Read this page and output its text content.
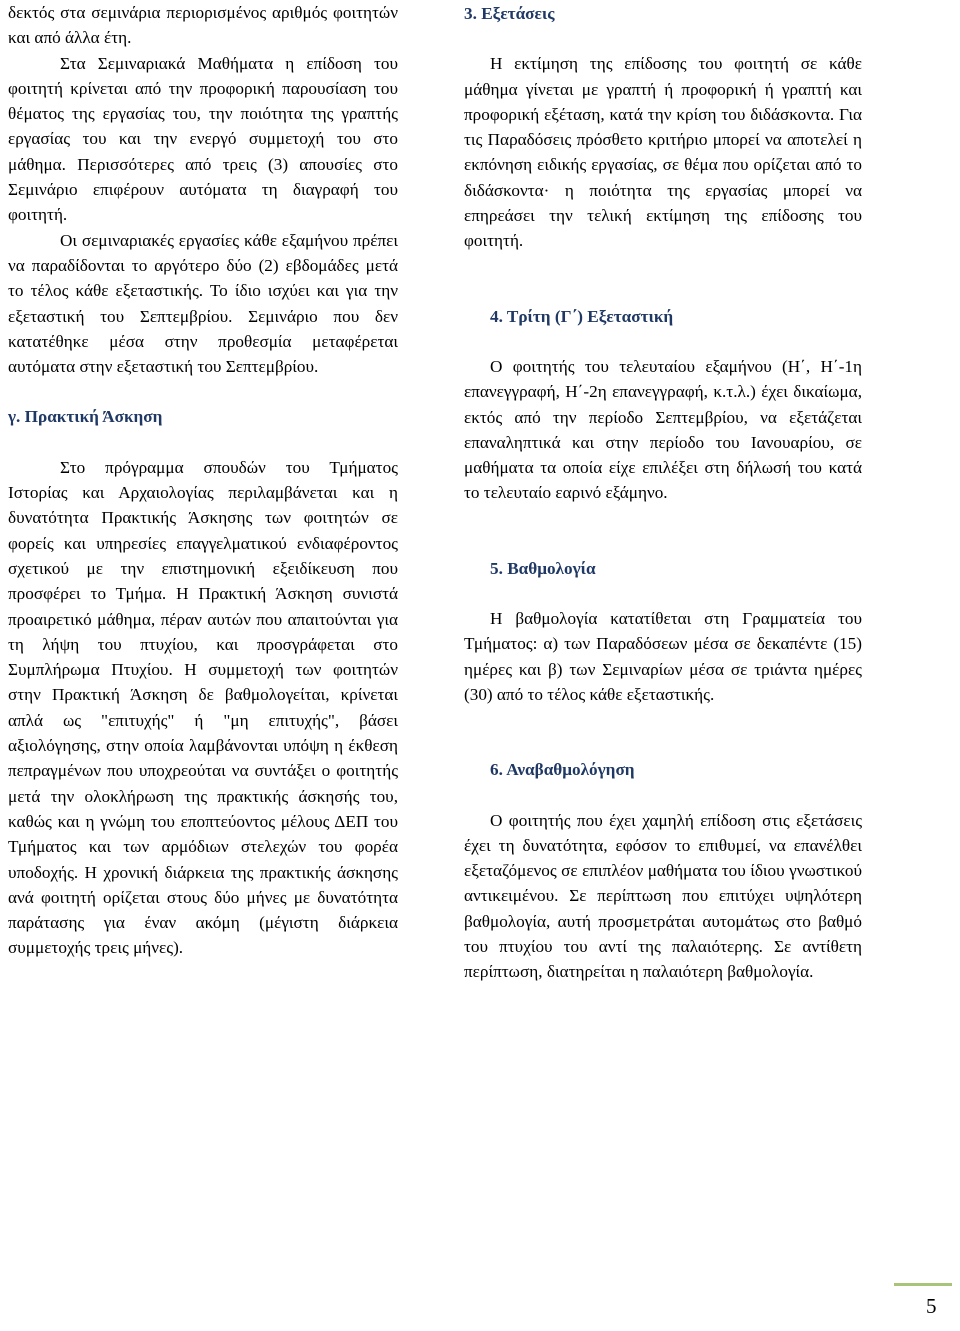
δεκτός στα σεμινάρια περιορισμένος αριθμός φοιτητών και από άλλα έτη.

Στα Σεμιναριακά Μαθήματα η επίδοση του φοιτητή κρίνεται από την προφορική παρουσίαση του θέματος της εργασίας του, την ποιότητα της γραπτής εργασίας του και την ενεργό συμμετοχή του στο μάθημα. Περισσότερες από τρεις (3) απουσίες στο Σεμινάριο επιφέρουν αυτόματα τη διαγραφή του φοιτητή.

Οι σεμιναριακές εργασίες κάθε εξαμήνου πρέπει να παραδίδονται το αργότερο δύο (2) εβδομάδες μετά το τέλος κάθε εξεταστικής. Το ίδιο ισχύει και για την εξεταστική του Σεπτεμβρίου. Σεμινάριο που δεν κατατέθηκε μέσα στην προθεσμία μεταφέρεται αυτόματα στην εξεταστική του Σεπτεμβρίου.

γ. Πρακτική Άσκηση

Στο πρόγραμμα σπουδών του Τμήματος Ιστορίας και Αρχαιολογίας περιλαμβάνεται και η δυνατότητα Πρακτικής Άσκησης των φοιτητών σε φορείς και υπηρεσίες επαγγελματικού ενδιαφέροντος σχετικού με την επιστημονική εξειδίκευση που προσφέρει το Τμήμα. Η Πρακτική Άσκηση συνιστά προαιρετικό μάθημα, πέραν αυτών που απαιτούνται για τη λήψη του πτυχίου, και προσγράφεται στο Συμπλήρωμα Πτυχίου. Η συμμετοχή των φοιτητών στην Πρακτική Άσκηση δε βαθμολογείται, κρίνεται απλά ως "επιτυχής" ή "μη επιτυχής", βάσει αξιολόγησης, στην οποία λαμβάνονται υπόψη η έκθεση πεπραγμένων που υποχρεούται να συντάξει ο φοιτητής μετά την ολοκλήρωση της πρακτικής άσκησής του, καθώς και η γνώμη του εποπτεύοντος μέλους ΔΕΠ του Τμήματος και των αρμόδιων στελεχών του φορέα υποδοχής. Η χρονική διάρκεια της πρακτικής άσκησης ανά φοιτητή ορίζεται στους δύο μήνες με δυνατότητα παράτασης για έναν ακόμη (μέγιστη διάρκεια συμμετοχής τρεις μήνες).

3. Εξετάσεις

Η εκτίμηση της επίδοσης του φοιτητή σε κάθε μάθημα γίνεται με γραπτή ή προφορική ή γραπτή και προφορική εξέταση, κατά την κρίση του διδάσκοντα. Για τις Παραδόσεις πρόσθετο κριτήριο μπορεί να αποτελεί η εκπόνηση ειδικής εργασίας, σε θέμα που ορίζεται από το διδάσκοντα· η ποιότητα της εργασίας μπορεί να επηρεάσει την τελική εκτίμηση της επίδοσης του φοιτητή.

4. Τρίτη (Γ΄) Εξεταστική

Ο φοιτητής του τελευταίου εξαμήνου (Η΄, Η΄-1η επανεγγραφή, Η΄-2η επανεγγραφή, κ.τ.λ.) έχει δικαίωμα, εκτός από την περίοδο Σεπτεμβρίου, να εξετάζεται επαναληπτικά και στην περίοδο του Ιανουαρίου, σε μαθήματα τα οποία είχε επιλέξει στη δήλωσή του κατά το τελευταίο εαρινό εξάμηνο.

5. Βαθμολογία

Η βαθμολογία κατατίθεται στη Γραμματεία του Τμήματος: α) των Παραδόσεων μέσα σε δεκαπέντε (15) ημέρες και β) των Σεμιναρίων μέσα σε τριάντα ημέρες (30) από το τέλος κάθε εξεταστικής.

6. Αναβαθμολόγηση

Ο φοιτητής που έχει χαμηλή επίδοση στις εξετάσεις έχει τη δυνατότητα, εφόσον το επιθυμεί, να επανέλθει εξεταζόμενος σε επιπλέον μαθήματα του ίδιου γνωστικού αντικειμένου. Σε περίπτωση που επιτύχει υψηλότερη βαθμολογία, αυτή προσμετράται αυτομάτως στο βαθμό του πτυχίου του αντί της παλαιότερης. Σε αντίθετη περίπτωση, διατηρείται η παλαιότερη βαθμολογία.

5
